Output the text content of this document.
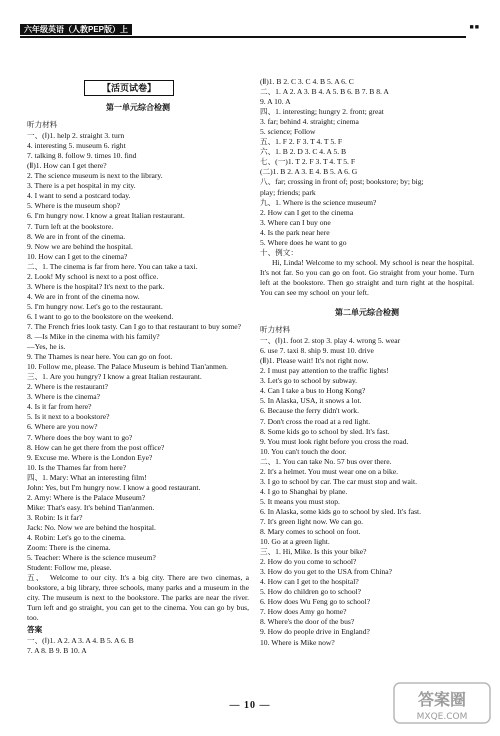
六年级英语（人教PEP版）上	■■
【活页试卷】
第一单元综合检测
听力材料

一、(Ⅰ)1. help 2. straight 3. turn

4. interesting 5. museum 6. right

7. talking 8. follow 9. times 10. find

(Ⅱ)1. How can I get there?

2. The science museum is next to the library.

3. There is a pet hospital in my city.

4. I want to send a postcard today.

5. Where is the museum shop?

6. I'm hungry now. I know a great Italian restaurant.

7. Turn left at the bookstore.

8. We are in front of the cinema.

9. Now we are behind the hospital.

10. How can I get to the cinema?

二、1. The cinema is far from here. You can take a taxi.

2. Look! My school is next to a post office.

3. Where is the hospital? It's next to the park.

4. We are in front of the cinema now.

5. I'm hungry now. Let's go to the restaurant.

6. I want to go to the bookstore on the weekend.

7. The French fries look tasty. Can I go to that restaurant to buy some?

8. —Is Mike in the cinema with his family?

—Yes, he is.

9. The Thames is near here. You can go on foot.

10. Follow me, please. The Palace Museum is behind Tian'anmen.

三、1. Are you hungry? I know a great Italian restaurant.

2. Where is the restaurant?

3. Where is the cinema?

4. Is it far from here?

5. Is it next to a bookstore?

6. Where are you now?

7. Where does the boy want to go?

8. How can he get there from the post office?

9. Excuse me. Where is the London Eye?

10. Is the Thames far from here?

四、1. Mary: What an interesting film!

John: Yes, but I'm hungry now. I know a good restaurant.

2. Amy: Where is the Palace Museum?

Mike: That's easy. It's behind Tian'anmen.

3. Robin: Is it far?

Jack: No. Now we are behind the hospital.

4. Robin: Let's go to the cinema.

Zoom: There is the cinema.

5. Teacher: Where is the science museum?

Student: Follow me, please.

五、　Welcome to our city. It's a big city. There are two cinemas, a bookstore, a big library, three schools, many parks and a museum in the city. The museum is next to the bookstore. The parks are near the river. Turn left and go straight, you can get to the cinema. You can go by bus, too.

答案

一、(Ⅰ)1. A 2. A 3. A 4. B 5. A 6. B

7. A 8. B 9. B 10. A

(Ⅱ)1. B 2. C 3. C 4. B 5. A 6. C

二、1. A 2. A 3. B 4. A 5. B 6. B 7. B 8. A

9. A 10. A

四、1. interesting; hungry 2. front; great

3. far; behind 4. straight; cinema

5. science; Follow

五、1. F 2. F 3. T 4. T 5. F

六、1. B 2. D 3. C 4. A 5. B

七、(一)1. T 2. F 3. T 4. T 5. F

(二)1. B 2. A 3. E 4. B 5. A 6. G

八、far; crossing in front of; post; bookstore; by; big;

play; friends; park

九、1. Where is the science museum?

2. How can I get to the cinema

3. Where can I buy one

4. Is the park near here

5. Where does he want to go

十、例文：

Hi, Linda! Welcome to my school. My school is near the hospital. It's not far. So you can go on foot. Go straight from your home. Turn left at the bookstore. Then go straight and turn right at the hospital. You can see my school on your left.

第二单元综合检测
听力材料

一、(Ⅰ)1. foot 2. stop 3. play 4. wrong 5. wear

6. use 7. taxi 8. ship 9. must 10. drive

(Ⅱ)1. Please wait! It's not right now.

2. I must pay attention to the traffic lights!

3. Let's go to school by subway.

4. Can I take a bus to Hong Kong?

5. In Alaska, USA, it snows a lot.

6. Because the ferry didn't work.

7. Don't cross the road at a red light.

8. Some kids go to school by sled. It's fast.

9. You must look right before you cross the road.

10. You can't touch the door.

二、1. You can take No. 57 bus over there.

2. It's a helmet. You must wear one on a bike.

3. I go to school by car. The car must stop and wait.

4. I go to Shanghai by plane.

5. It means you must stop.

6. In Alaska, some kids go to school by sled. It's fast.

7. It's green light now. We can go.

8. Mary comes to school on foot.

10. Go at a green light.

三、1. Hi, Mike. Is this your bike?

2. How do you come to school?

3. How do you get to the USA from China?

4. How can I get to the hospital?

5. How do children go to school?

6. How does Wu Feng go to school?

7. How does Amy go home?

8. Where's the door of the bus?

9. How do people drive in England?

10. Where is Mike now?

— 10 —	答案圈
MXQE.COM
